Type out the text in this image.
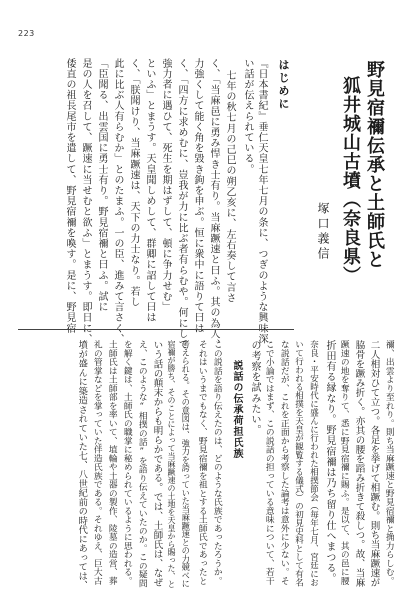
223
野見宿禰伝承と土師氏と
狐井城山古墳（奈良県）
塚口義信
はじめに
『日本書紀』垂仁天皇七年七月の条に、つぎのような興味深
い話が伝えられている。
七年の秋七月の己巳の朔乙亥に、左右奏して言さ
く、「当麻邑に勇み悍き士有り。当麻蹶速と曰ふ。其の為人、
力強くして能く角を毀き鉤を申ぶ。恒に衆中に語りて曰は
く、「四方に求めむに、豈我が力に比ぶ者有らむや。何にして
強力者に遇ひて、死生を期はずして、頓に争力せむ」
といふ」とまうす。天皇聞しめして、群卿に詔して曰は
く、「朕聞けり、当麻蹶速は、天下の力士なり。若し
此に比ぶ人有らむか」とのたまふ。一の臣、進みて言さく、
「臣聞る、出雲国に勇士有り。野見宿禰と曰ふ。試に
是の人を召して、蹶速に当せむと欲ふ」とまうす。即日に、
倭直の祖長尾市を遣して、野見宿禰を喚す。是に、野見宿
禰、出雲より至れり。則ち当麻蹶速と野見宿禰と捔力らしむ。
二人相対ひて立つ。各足を挙げて相蹶む。則ち当麻蹶速が
脇骨を蹶み折く。亦其の腰を蹈み折きて殺しつ。故、当麻
蹶速の地を奪りて、悉に野見宿禰に賜ふ。是以て、其の邑に腰
折田有る縁なり。野見宿禰は乃ち留り仕へまつる。
奈良・平安時代に盛んに行われた相撲節会（毎年七月、宮廷にお
いて行われる相撲を天皇が観覧する儀式）の初見史料として有名
な説話だが、これを正面から考察した論考は意外に少ない。そ
こで小論ではまず、この説話の担っている意味について、若干
の考察を試みたい。
説話の伝承荷担氏族
この説話を語り伝えたのは、どのような氏族であったろうか。
それはいうまでもなく、野見宿禰を祖とする土師氏であったと
考えられる。その意図は、強力を誇っていた当麻蹶速との力競べに
宿禰が勝ち、そのことによって当麻蹶速の土地を天皇から賜った、と
いう話の顛末からも明らかである。では、土師氏は、なぜ
え、このような“相撲の話”を語り伝えていたのか。この疑問
を解く鍵は、土師氏の職掌に秘められているように思われる。
土師氏は土師部を率いて、埴輪や土器の製作、陵墓の造営、葬
礼の管掌などを掌っていた伴造氏族である。それゆえ、巨大古
墳が盛んに築造されていた七、八世紀前の時代にあっては、
